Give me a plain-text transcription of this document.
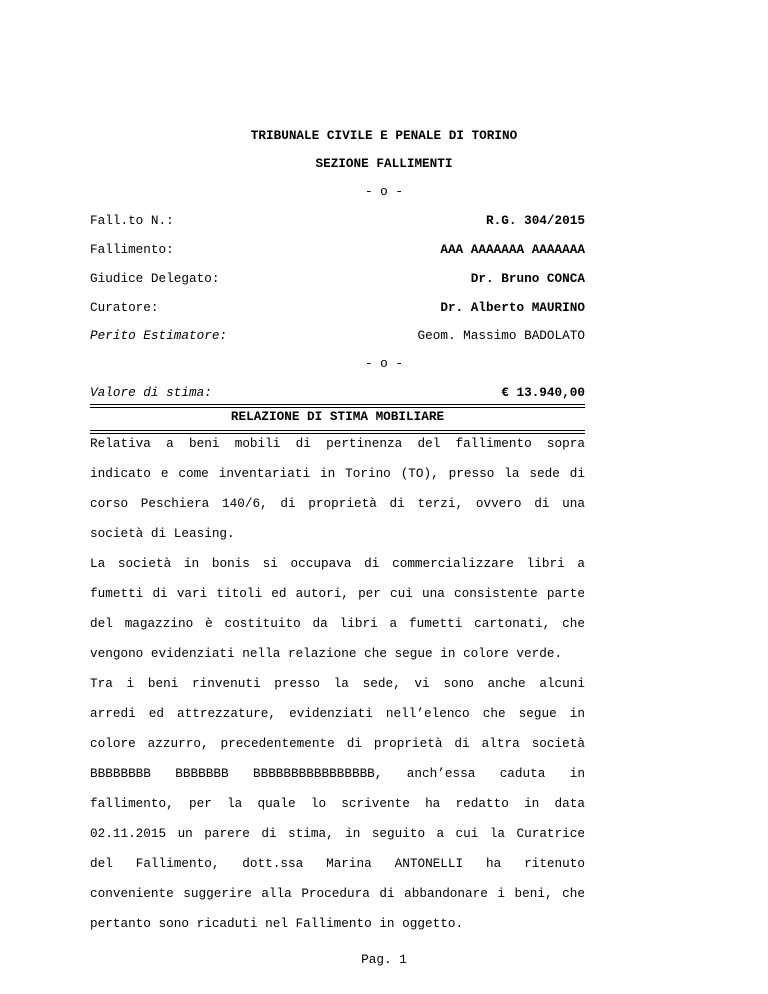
TRIBUNALE CIVILE E PENALE DI TORINO
SEZIONE FALLIMENTI
- o -
Fall.to N.:	R.G. 304/2015
Fallimento:	AAA AAAAAAA AAAAAAA
Giudice Delegato:	Dr. Bruno CONCA
Curatore:	Dr. Alberto MAURINO
Perito Estimatore:	Geom. Massimo BADOLATO
- o -
Valore di stima:	€ 13.940,00
RELAZIONE DI STIMA MOBILIARE
Relativa a beni mobili di pertinenza del fallimento sopra
indicato e come inventariati in Torino (TO), presso la sede di
corso Peschiera 140/6, di proprietà di terzi, ovvero di una
società di Leasing.
La società in bonis si occupava di commercializzare libri a
fumetti di vari titoli ed autori, per cui una consistente parte
del magazzino è costituito da libri a fumetti cartonati, che
vengono evidenziati nella relazione che segue in colore verde.
Tra i beni rinvenuti presso la sede, vi sono anche alcuni
arredi ed attrezzature, evidenziati nell’elenco che segue in
colore azzurro, precedentemente di proprietà di altra società
BBBBBBBB BBBBBBB BBBBBBBBBBBBBBBB, anch’essa caduta in
fallimento, per la quale lo scrivente ha redatto in data
02.11.2015 un parere di stima, in seguito a cui la Curatrice
del Fallimento, dott.ssa Marina ANTONELLI ha ritenuto
conveniente suggerire alla Procedura di abbandonare i beni, che
pertanto sono ricaduti nel Fallimento in oggetto.
Pag. 1
